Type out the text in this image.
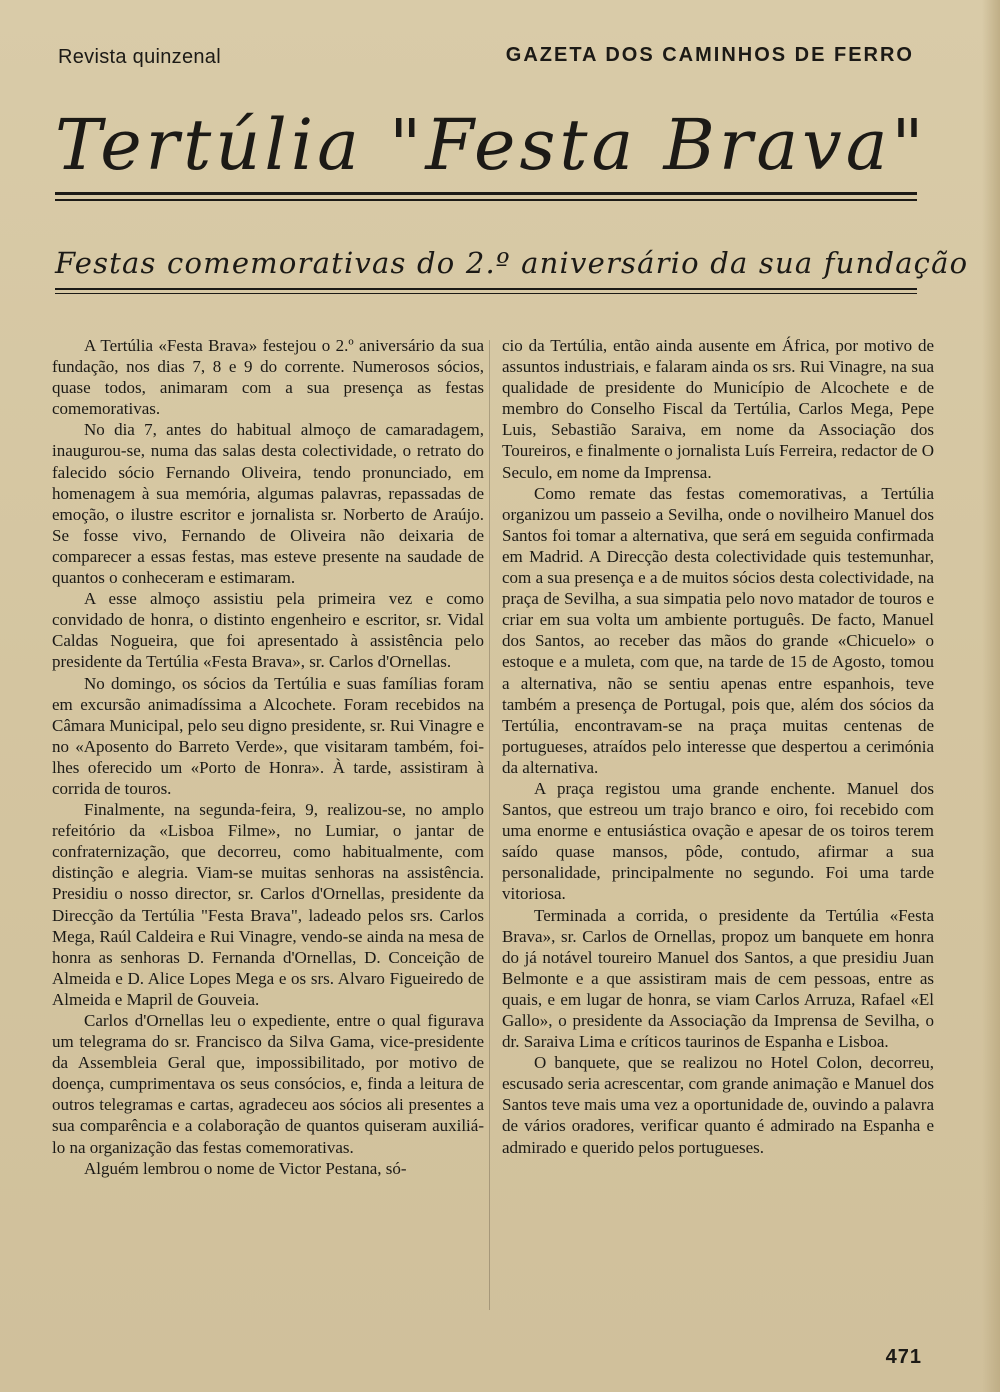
Revista quinzenal	GAZETA DOS CAMINHOS DE FERRO
Tertúlia "Festa Brava"
Festas comemorativas do 2.º aniversário da sua fundação

A Tertúlia «Festa Brava» festejou o 2.º aniversário da sua fundação, nos dias 7, 8 e 9 do corrente. Numerosos sócios, quase todos, animaram com a sua presença as festas comemorativas.

No dia 7, antes do habitual almoço de camaradagem, inaugurou-se, numa das salas desta colectividade, o retrato do falecido sócio Fernando Oliveira, tendo pronunciado, em homenagem à sua memória, algumas palavras, repassadas de emoção, o ilustre escritor e jornalista sr. Norberto de Araújo. Se fosse vivo, Fernando de Oliveira não deixaria de comparecer a essas festas, mas esteve presente na saudade de quantos o conheceram e estimaram.

A esse almoço assistiu pela primeira vez e como convidado de honra, o distinto engenheiro e escritor, sr. Vidal Caldas Nogueira, que foi apresentado à assistência pelo presidente da Tertúlia «Festa Brava», sr. Carlos d'Ornellas.

No domingo, os sócios da Tertúlia e suas famílias foram em excursão animadíssima a Alcochete. Foram recebidos na Câmara Municipal, pelo seu digno presidente, sr. Rui Vinagre e no «Aposento do Barreto Verde», que visitaram também, foi-lhes oferecido um «Porto de Honra». À tarde, assistiram à corrida de touros.

Finalmente, na segunda-feira, 9, realizou-se, no amplo refeitório da «Lisboa Filme», no Lumiar, o jantar de confraternização, que decorreu, como habitualmente, com distinção e alegria. Viam-se muitas senhoras na assistência. Presidiu o nosso director, sr. Carlos d'Ornellas, presidente da Direcção da Tertúlia "Festa Brava", ladeado pelos srs. Carlos Mega, Raúl Caldeira e Rui Vinagre, vendo-se ainda na mesa de honra as senhoras D. Fernanda d'Ornellas, D. Conceição de Almeida e D. Alice Lopes Mega e os srs. Alvaro Figueiredo de Almeida e Mapril de Gouveia.

Carlos d'Ornellas leu o expediente, entre o qual figurava um telegrama do sr. Francisco da Silva Gama, vice-presidente da Assembleia Geral que, impossibilitado, por motivo de doença, cumprimentava os seus consócios, e, finda a leitura de outros telegramas e cartas, agradeceu aos sócios ali presentes a sua comparência e a colaboração de quantos quiseram auxiliá-lo na organização das festas comemorativas.

Alguém lembrou o nome de Victor Pestana, só-

cio da Tertúlia, então ainda ausente em África, por motivo de assuntos industriais, e falaram ainda os srs. Rui Vinagre, na sua qualidade de presidente do Município de Alcochete e de membro do Conselho Fiscal da Tertúlia, Carlos Mega, Pepe Luis, Sebastião Saraiva, em nome da Associação dos Toureiros, e finalmente o jornalista Luís Ferreira, redactor de O Seculo, em nome da Imprensa.

Como remate das festas comemorativas, a Tertúlia organizou um passeio a Sevilha, onde o novilheiro Manuel dos Santos foi tomar a alternativa, que será em seguida confirmada em Madrid. A Direcção desta colectividade quis testemunhar, com a sua presença e a de muitos sócios desta colectividade, na praça de Sevilha, a sua simpatia pelo novo matador de touros e criar em sua volta um ambiente português. De facto, Manuel dos Santos, ao receber das mãos do grande «Chicuelo» o estoque e a muleta, com que, na tarde de 15 de Agosto, tomou a alternativa, não se sentiu apenas entre espanhois, teve também a presença de Portugal, pois que, além dos sócios da Tertúlia, encontravam-se na praça muitas centenas de portugueses, atraídos pelo interesse que despertou a cerimónia da alternativa.

A praça registou uma grande enchente. Manuel dos Santos, que estreou um trajo branco e oiro, foi recebido com uma enorme e entusiástica ovação e apesar de os toiros terem saído quase mansos, pôde, contudo, afirmar a sua personalidade, principalmente no segundo. Foi uma tarde vitoriosa.

Terminada a corrida, o presidente da Tertúlia «Festa Brava», sr. Carlos de Ornellas, propoz um banquete em honra do já notável toureiro Manuel dos Santos, a que presidiu Juan Belmonte e a que assistiram mais de cem pessoas, entre as quais, e em lugar de honra, se viam Carlos Arruza, Rafael «El Gallo», o presidente da Associação da Imprensa de Sevilha, o dr. Saraiva Lima e críticos taurinos de Espanha e Lisboa.

O banquete, que se realizou no Hotel Colon, decorreu, escusado seria acrescentar, com grande animação e Manuel dos Santos teve mais uma vez a oportunidade de, ouvindo a palavra de vários oradores, verificar quanto é admirado na Espanha e admirado e querido pelos portugueses.

471
